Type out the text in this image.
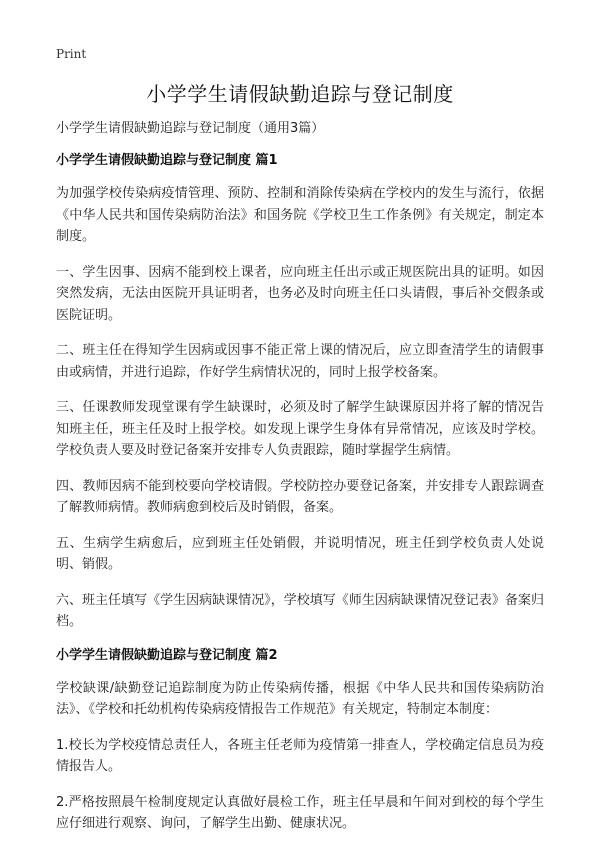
Print
小学学生请假缺勤追踪与登记制度

小学学生请假缺勤追踪与登记制度（通用3篇）

小学学生请假缺勤追踪与登记制度 篇1

为加强学校传染病疫情管理、预防、控制和消除传染病在学校内的发生与流行，依据《中华人民共和国传染病防治法》和国务院《学校卫生工作条例》有关规定，制定本制度。

一、学生因事、因病不能到校上课者，应向班主任出示或正规医院出具的证明。如因突然发病，无法由医院开具证明者，也务必及时向班主任口头请假，事后补交假条或医院证明。

二、班主任在得知学生因病或因事不能正常上课的情况后，应立即查清学生的请假事由或病情，并进行追踪，作好学生病情状况的，同时上报学校备案。

三、任课教师发现堂课有学生缺课时，必须及时了解学生缺课原因并将了解的情况告知班主任，班主任及时上报学校。如发现上课学生身体有异常情况，应该及时学校。学校负责人要及时登记备案并安排专人负责跟踪，随时掌握学生病情。

四、教师因病不能到校要向学校请假。学校防控办要登记备案，并安排专人跟踪调查了解教师病情。教师病愈到校后及时销假，备案。

五、生病学生病愈后，应到班主任处销假，并说明情况，班主任到学校负责人处说明、销假。

六、班主任填写《学生因病缺课情况》，学校填写《师生因病缺课情况登记表》备案归档。

小学学生请假缺勤追踪与登记制度 篇2

学校缺课/缺勤登记追踪制度为防止传染病传播，根据《中华人民共和国传染病防治法》、《学校和托幼机构传染病疫情报告工作规范》有关规定，特制定本制度：

1.校长为学校疫情总责任人，各班主任老师为疫情第一排查人，学校确定信息员为疫情报告人。

2.严格按照晨午检制度规定认真做好晨检工作，班主任早晨和午间对到校的每个学生应仔细进行观察、询问，了解学生出勤、健康状况。
